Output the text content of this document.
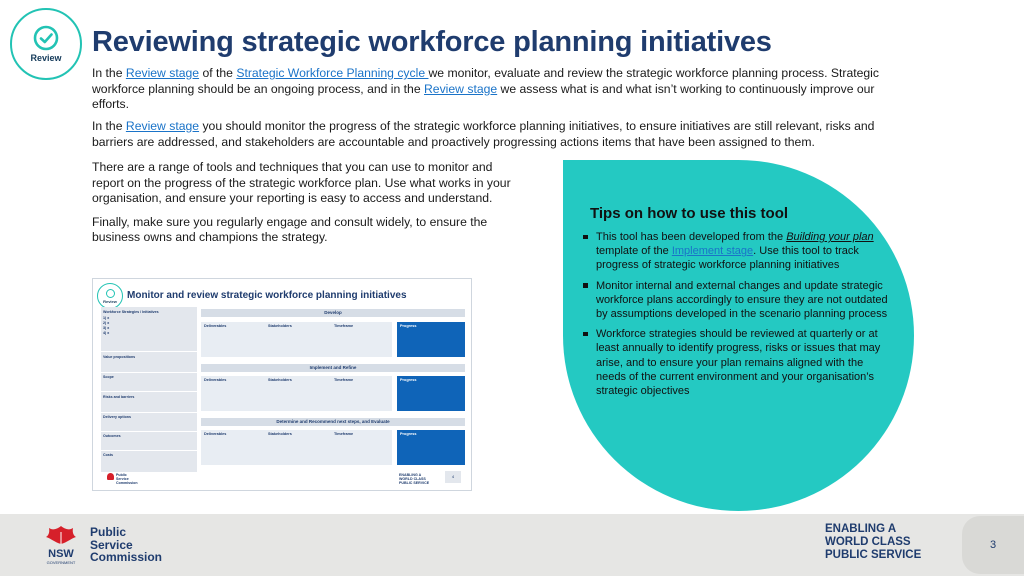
Review Reviewing strategic workforce planning initiatives

In the Review stage of the Strategic Workforce Planning cycle we monitor, evaluate and review the strategic workforce planning process. Strategic workforce planning should be an ongoing process, and in the Review stage we assess what is and what isn’t working to continuously improve our efforts.

In the Review stage you should monitor the progress of the strategic workforce planning initiatives, to ensure initiatives are still relevant, risks and barriers are addressed, and stakeholders are accountable and proactively progressing actions items that have been assigned to them.

There are a range of tools and techniques that you can use to monitor and report on the progress of the strategic workforce plan. Use what works in your organisation, and ensure your reporting is easy to access and understand.

Finally, make sure you regularly engage and consult widely, to ensure the business owns and champions the strategy.

Review
Monitor and review strategic workforce planning initiatives
Workforce Strategies / Initiatives
1) x
2) x
3) x
4) x
Value propositions
Scope
Risks and barriers
Delivery options
Outcomes
Costs
Develop
Deliverables	Stakeholders	Timeframe	Progress
Implement and Refine
Deliverables	Stakeholders	Timeframe	Progress
Determine and Recommend next steps, and Evaluate
Deliverables	Stakeholders	Timeframe	Progress
Public
Service
Commission
ENABLING A
WORLD CLASS
PUBLIC SERVICE
4
Tips on how to use this tool
This tool has been developed from the Building your plan template of the Implement stage. Use this tool to track progress of strategic workforce planning initiatives
Monitor internal and external changes and update strategic workforce plans accordingly to ensure they are not outdated by assumptions developed in the scenario planning process
Workforce strategies should be reviewed at quarterly or at least annually to identify progress, risks or issues that may arise, and to ensure your plan remains aligned with the needs of the current environment and your organisation’s strategic objectives
NSW
GOVERNMENT
Public
Service
Commission
ENABLING A
WORLD CLASS
PUBLIC SERVICE
3
